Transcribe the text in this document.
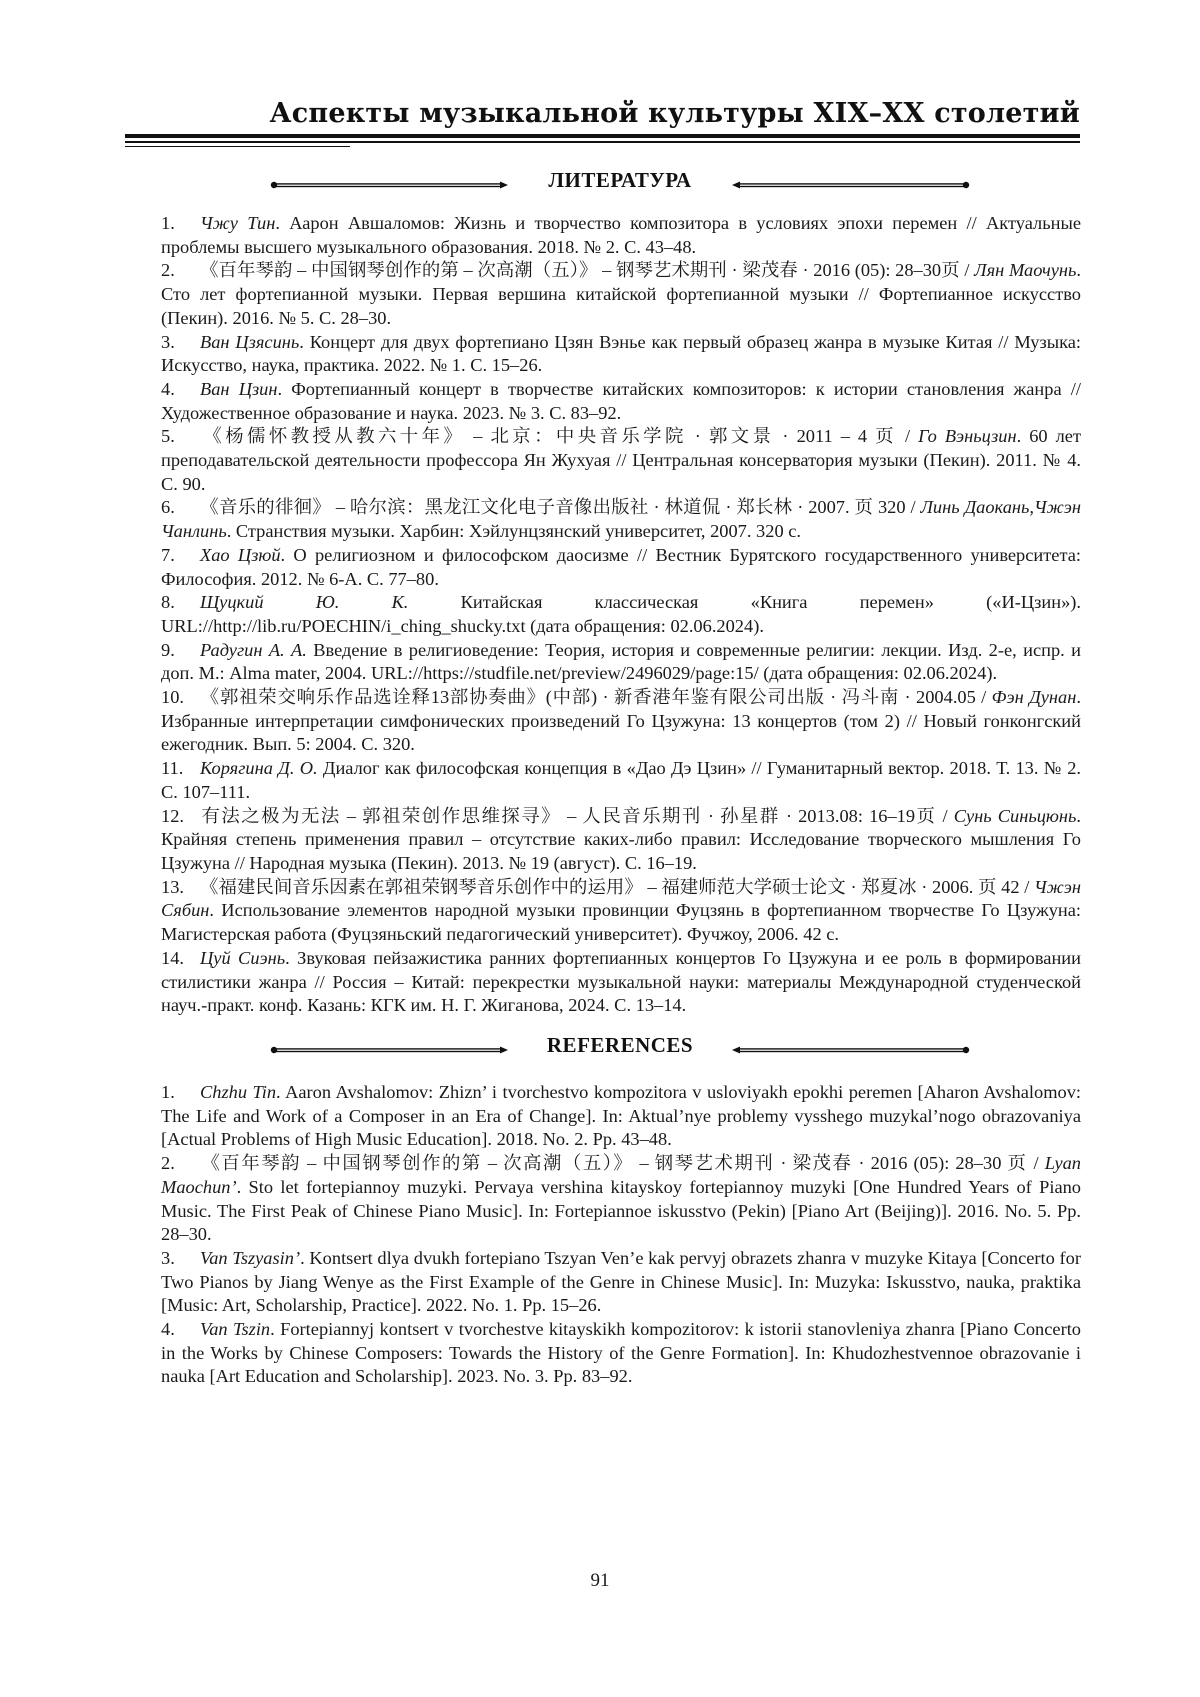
Аспекты музыкальной культуры XIX–XX столетий
ЛИТЕРАТУРА
1. Чжу Тин. Аарон Авшаломов: Жизнь и творчество композитора в условиях эпохи перемен // Актуальные проблемы высшего музыкального образования. 2018. № 2. С. 43–48.
2. 《百年琴韵 – 中国钢琴创作的第 – 次高潮（五）》 – 钢琴艺术期刊 · 梁茂春 · 2016 (05): 28–30页 / Лян Маочунь. Сто лет фортепианной музыки. Первая вершина китайской фортепианной музыки // Фортепианное искусство (Пекин). 2016. № 5. С. 28–30.
3. Ван Цзясинь. Концерт для двух фортепиано Цзян Вэнье как первый образец жанра в музыке Китая // Музыка: Искусство, наука, практика. 2022. № 1. С. 15–26.
4. Ван Цзин. Фортепианный концерт в творчестве китайских композиторов: к истории становления жанра // Художественное образование и наука. 2023. № 3. С. 83–92.
5. 《杨儒怀教授从教六十年》 – 北京：中央音乐学院 · 郭文景 · 2011 – 4 页 / Го Вэньцзин. 60 лет преподавательской деятельности профессора Ян Жухуая // Центральная консерватория музыки (Пекин). 2011. № 4. С. 90.
6. 《音乐的徘徊》 – 哈尔滨：黑龙江文化电子音像出版社 · 林道侃 · 郑长林 · 2007. 页 320 / Линь Даокань,Чжэн Чанлинь. Странствия музыки. Харбин: Хэйлунцзянский университет, 2007. 320 с.
7. Хао Цзюй. О религиозном и философском даосизме // Вестник Бурятского государственного университета: Философия. 2012. № 6-А. С. 77–80.
8. Щуцкий Ю. К. Китайская классическая «Книга перемен» («И-Цзин»). URL://http://lib.ru/POECHIN/i_ching_shucky.txt (дата обращения: 02.06.2024).
9. Радугин А. А. Введение в религиоведение: Теория, история и современные религии: лекции. Изд. 2-е, испр. и доп. М.: Alma mater, 2004. URL://https://studfile.net/preview/2496029/page:15/ (дата обращения: 02.06.2024).
10. 《郭祖荣交响乐作品选诠释13部协奏曲》(中部) · 新香港年鉴有限公司出版 · 冯斗南 · 2004.05 / Фэн Дунан. Избранные интерпретации симфонических произведений Го Цзужуна: 13 концертов (том 2) // Новый гонконгский ежегодник. Вып. 5: 2004. С. 320.
11. Корягина Д. О. Диалог как философская концепция в «Дао Дэ Цзин» // Гуманитарный вектор. 2018. Т. 13. № 2. С. 107–111.
12. 有法之极为无法 – 郭祖荣创作思维探寻》 – 人民音乐期刊 · 孙星群 · 2013.08: 16–19页 / Сунь Синьцюнь. Крайняя степень применения правил – отсутствие каких-либо правил: Исследование творческого мышления Го Цзужуна // Народная музыка (Пекин). 2013. № 19 (август). С. 16–19.
13. 《福建民间音乐因素在郭祖荣钢琴音乐创作中的运用》 – 福建师范大学硕士论文 · 郑夏冰 · 2006. 页 42 / Чжэн Сябин. Использование элементов народной музыки провинции Фуцзянь в фортепианном творчестве Го Цзужуна: Магистерская работа (Фуцзяньский педагогический университет). Фучжоу, 2006. 42 с.
14. Цуй Сиэнь. Звуковая пейзажистика ранних фортепианных концертов Го Цзужуна и ее роль в формировании стилистики жанра // Россия – Китай: перекрестки музыкальной науки: материалы Международной студенческой науч.-практ. конф. Казань: КГК им. Н. Г. Жиганова, 2024. С. 13–14.
REFERENCES
1. Chzhu Tin. Aaron Avshalomov: Zhizn’ i tvorchestvo kompozitora v usloviyakh epokhi peremen [Aharon Avshalomov: The Life and Work of a Composer in an Era of Change]. In: Aktual’nye problemy vysshego muzykal’nogo obrazovaniya [Actual Problems of High Music Education]. 2018. No. 2. Pp. 43–48.
2. 《百年琴韵 – 中国钢琴创作的第 – 次高潮（五）》 – 钢琴艺术期刊 · 梁茂春 · 2016 (05): 28–30 页 / Lyan Maochun’. Sto let fortepiannoy muzyki. Pervaya vershina kitayskoy fortepiannoy muzyki [One Hundred Years of Piano Music. The First Peak of Chinese Piano Music]. In: Fortepiannoe iskusstvo (Pekin) [Piano Art (Beijing)]. 2016. No. 5. Pp. 28–30.
3. Van Tszyasin’. Kontsert dlya dvukh fortepiano Tszyan Ven’e kak pervyj obrazets zhanra v muzyke Kitaya [Concerto for Two Pianos by Jiang Wenye as the First Example of the Genre in Chinese Music]. In: Muzyka: Iskusstvo, nauka, praktika [Music: Art, Scholarship, Practice]. 2022. No. 1. Pp. 15–26.
4. Van Tszin. Fortepiannyj kontsert v tvorchestve kitayskikh kompozitorov: k istorii stanovleniya zhanra [Piano Concerto in the Works by Chinese Composers: Towards the History of the Genre Formation]. In: Khudozhestvennoe obrazovanie i nauka [Art Education and Scholarship]. 2023. No. 3. Pp. 83–92.
91
